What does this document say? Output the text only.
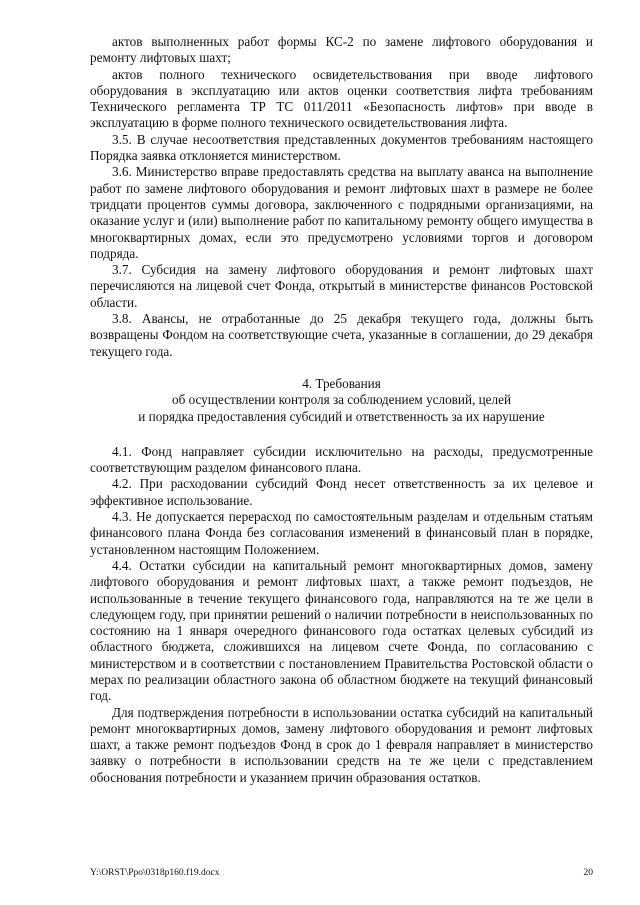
актов выполненных работ формы КС-2 по замене лифтового оборудования и ремонту лифтовых шахт;

актов полного технического освидетельствования при вводе лифтового оборудования в эксплуатацию или актов оценки соответствия лифта требованиям Технического регламента ТР ТС 011/2011 «Безопасность лифтов» при вводе в эксплуатацию в форме полного технического освидетельствования лифта.

3.5. В случае несоответствия представленных документов требованиям настоящего Порядка заявка отклоняется министерством.

3.6. Министерство вправе предоставлять средства на выплату аванса на выполнение работ по замене лифтового оборудования и ремонт лифтовых шахт в размере не более тридцати процентов суммы договора, заключенного с подрядными организациями, на оказание услуг и (или) выполнение работ по капитальному ремонту общего имущества в многоквартирных домах, если это предусмотрено условиями торгов и договором подряда.

3.7. Субсидия на замену лифтового оборудования и ремонт лифтовых шахт перечисляются на лицевой счет Фонда, открытый в министерстве финансов Ростовской области.

3.8. Авансы, не отработанные до 25 декабря текущего года, должны быть возвращены Фондом на соответствующие счета, указанные в соглашении, до 29 декабря текущего года.

4. Требования
об осуществлении контроля за соблюдением условий, целей
и порядка предоставления субсидий и ответственность за их нарушение

4.1. Фонд направляет субсидии исключительно на расходы, предусмотренные соответствующим разделом финансового плана.

4.2. При расходовании субсидий Фонд несет ответственность за их целевое и эффективное использование.

4.3. Не допускается перерасход по самостоятельным разделам и отдельным статьям финансового плана Фонда без согласования изменений в финансовый план в порядке, установленном настоящим Положением.

4.4. Остатки субсидии на капитальный ремонт многоквартирных домов, замену лифтового оборудования и ремонт лифтовых шахт, а также ремонт подъездов, не использованные в течение текущего финансового года, направляются на те же цели в следующем году, при принятии решений о наличии потребности в неиспользованных по состоянию на 1 января очередного финансового года остатках целевых субсидий из областного бюджета, сложившихся на лицевом счете Фонда, по согласованию с министерством и в соответствии с постановлением Правительства Ростовской области о мерах по реализации областного закона об областном бюджете на текущий финансовый год.

Для подтверждения потребности в использовании остатка субсидий на капитальный ремонт многоквартирных домов, замену лифтового оборудования и ремонт лифтовых шахт, а также ремонт подъездов Фонд в срок до 1 февраля направляет в министерство заявку о потребности в использовании средств на те же цели с представлением обоснования потребности и указанием причин образования остатков.

Y:\ORST\Ppo\0318p160.f19.docx	20
